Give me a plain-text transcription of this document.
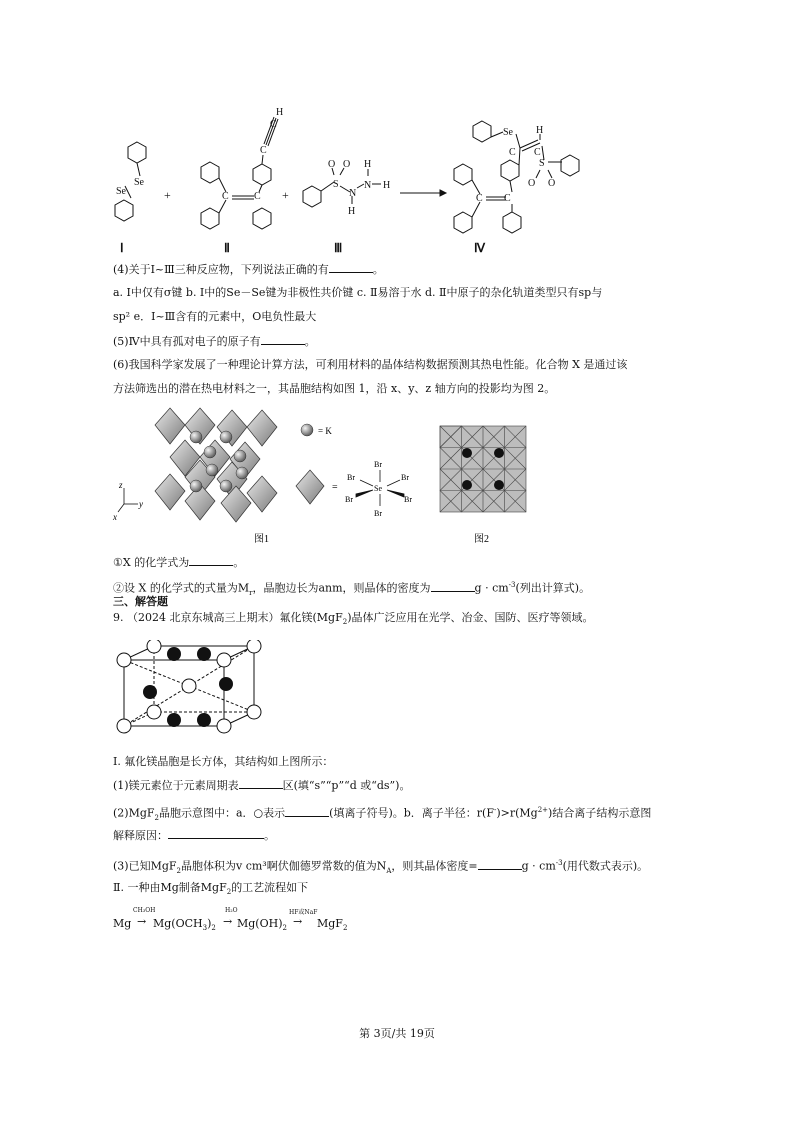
Se
Se	C	C
C
C
H
S
O O
N
N
H
H
H
Se H
C C
S
O O
C C
+	+
Ⅰ	Ⅱ	Ⅲ	Ⅳ
(4)关于I~Ⅲ三种反应物，下列说法正确的有	。
a. Ⅰ中仅有σ键 b. Ⅰ中的Se－Se键为非极性共价键 c. Ⅱ易溶于水 d. Ⅱ中原子的杂化轨道类型只有sp与
sp² e．I~Ⅲ含有的元素中，O电负性最大
(5)Ⅳ中具有孤对电子的原子有	。
(6)我国科学家发展了一种理论计算方法，可利用材料的晶体结构数据预测其热电性能。化合物 X 是通过该
方法筛选出的潜在热电材料之一，其晶胞结构如图 1，沿 x、y、z 轴方向的投影均为图 2。
z
y
x
= K
=
Br
Br	Br
Se
Br	Br
Br
图1	图2
①X 的化学式为	。
②设 X 的化学式的式量为$M_r$，晶胞边长为anm，则晶体的密度为	$g \cdot cm^{-3}$(列出计算式)。
三、解答题
9. （2024 北京东城高三上期末）氟化镁(MgF$_2$)晶体广泛应用在光学、冶金、国防、医疗等领域。
I. 氟化镁晶胞是长方体，其结构如上图所示：
(1)镁元素位于元素周期表	区(填“s”“p”“d 或“ds”)。
(2)MgF$_2$晶胞示意图中：a．○表示	(填离子符号)。b．离子半径：$r(F^-)>r(Mg^{2+})$结合离子结构示意图
解释原因：	。
(3)已知MgF$_2$晶胞体积为v cm³啊伏伽德罗常数的值为$N_A$，则其晶体密度=	$g \cdot cm^{-3}$(用代数式表示)。
Ⅱ. 一种由Mg制备MgF$_2$的工艺流程如下
Mg
CH₃OH
→ $Mg(OCH_3)_2$
H₂O
→ $Mg(OH)_2$
HF或NaF
→ MgF$_2$
第 3页/共 19页
